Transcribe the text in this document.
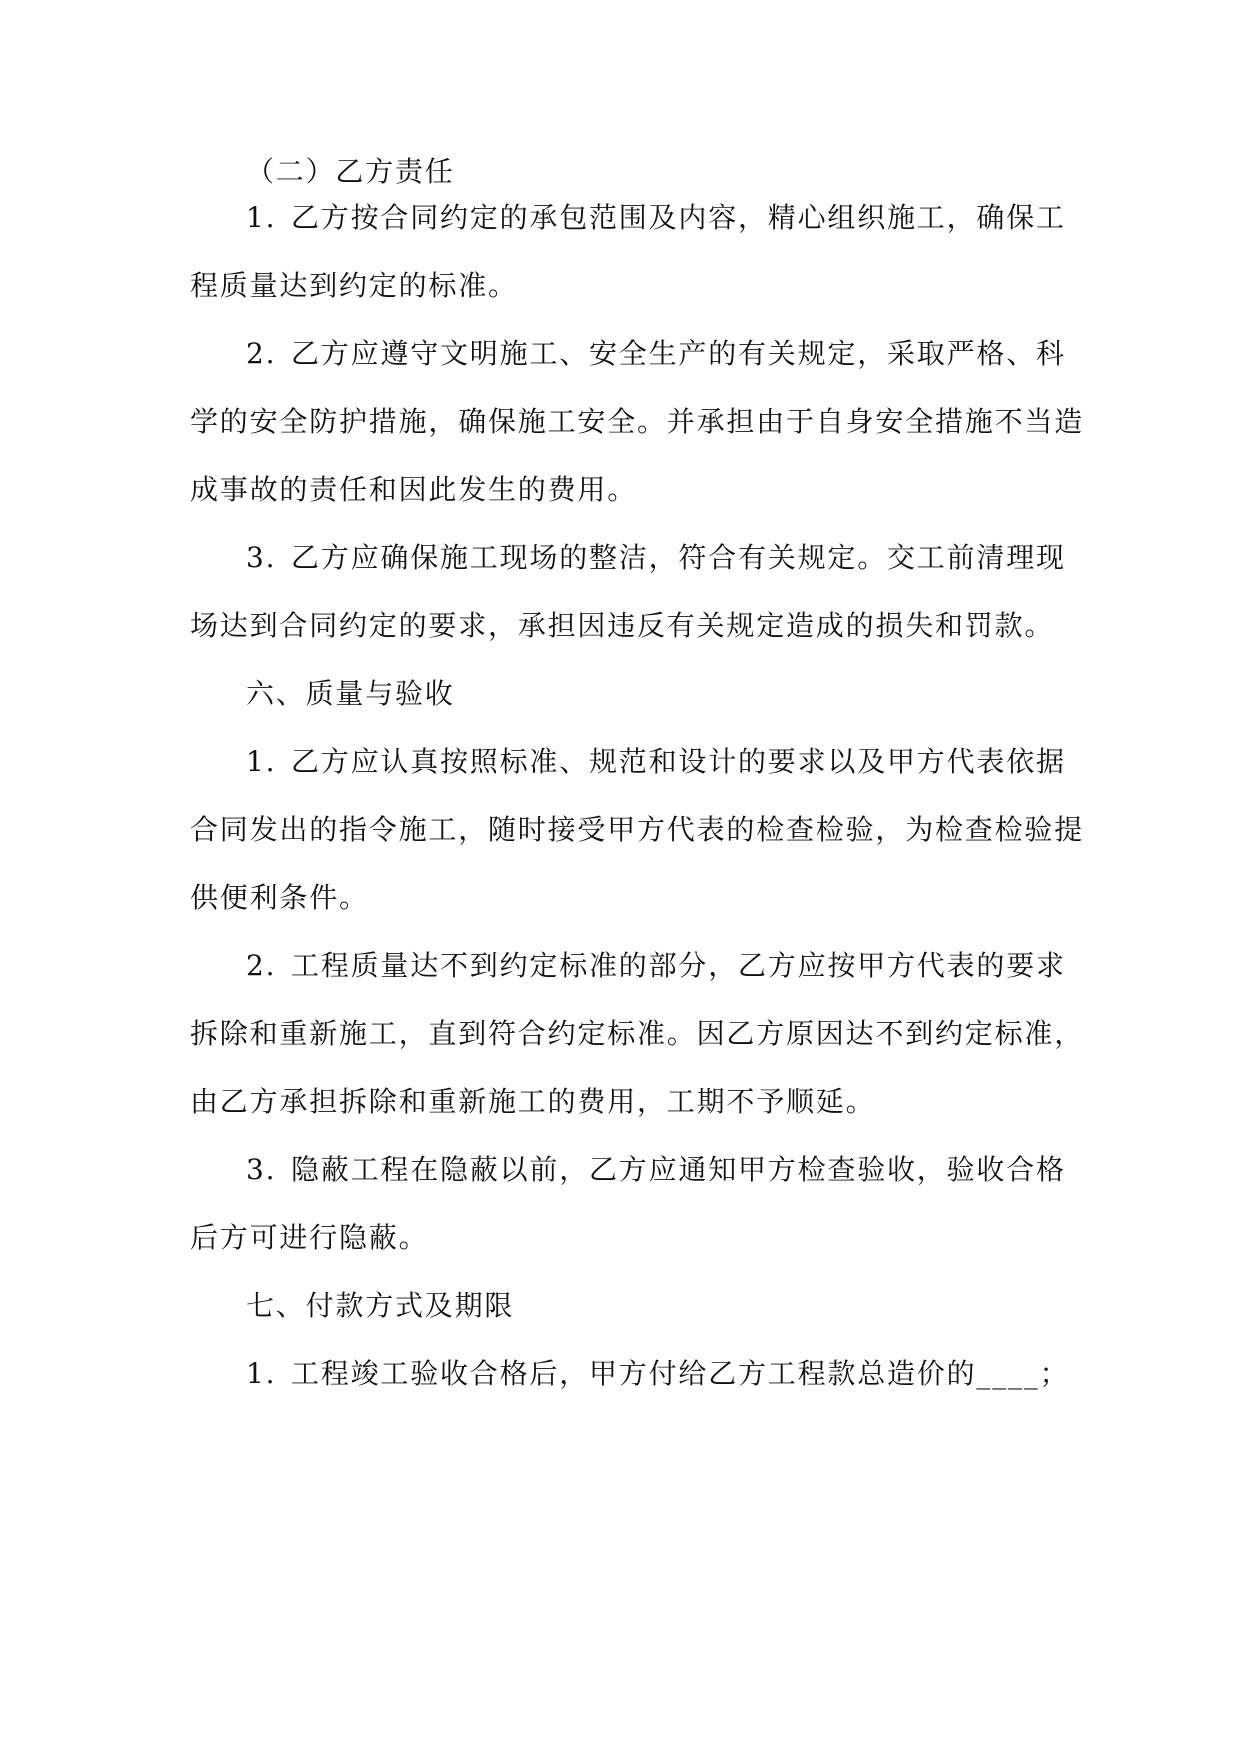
（二）乙方责任
1. 乙方按合同约定的承包范围及内容，精心组织施工，确保工
程质量达到约定的标准。
2. 乙方应遵守文明施工、安全生产的有关规定，采取严格、科
学的安全防护措施，确保施工安全。并承担由于自身安全措施不当造
成事故的责任和因此发生的费用。
3. 乙方应确保施工现场的整洁，符合有关规定。交工前清理现
场达到合同约定的要求，承担因违反有关规定造成的损失和罚款。
六、质量与验收
1. 乙方应认真按照标准、规范和设计的要求以及甲方代表依据
合同发出的指令施工，随时接受甲方代表的检查检验，为检查检验提
供便利条件。
2. 工程质量达不到约定标准的部分，乙方应按甲方代表的要求
拆除和重新施工，直到符合约定标准。因乙方原因达不到约定标准，
由乙方承担拆除和重新施工的费用，工期不予顺延。
3. 隐蔽工程在隐蔽以前，乙方应通知甲方检查验收，验收合格
后方可进行隐蔽。
七、付款方式及期限
1. 工程竣工验收合格后，甲方付给乙方工程款总造价的____；
